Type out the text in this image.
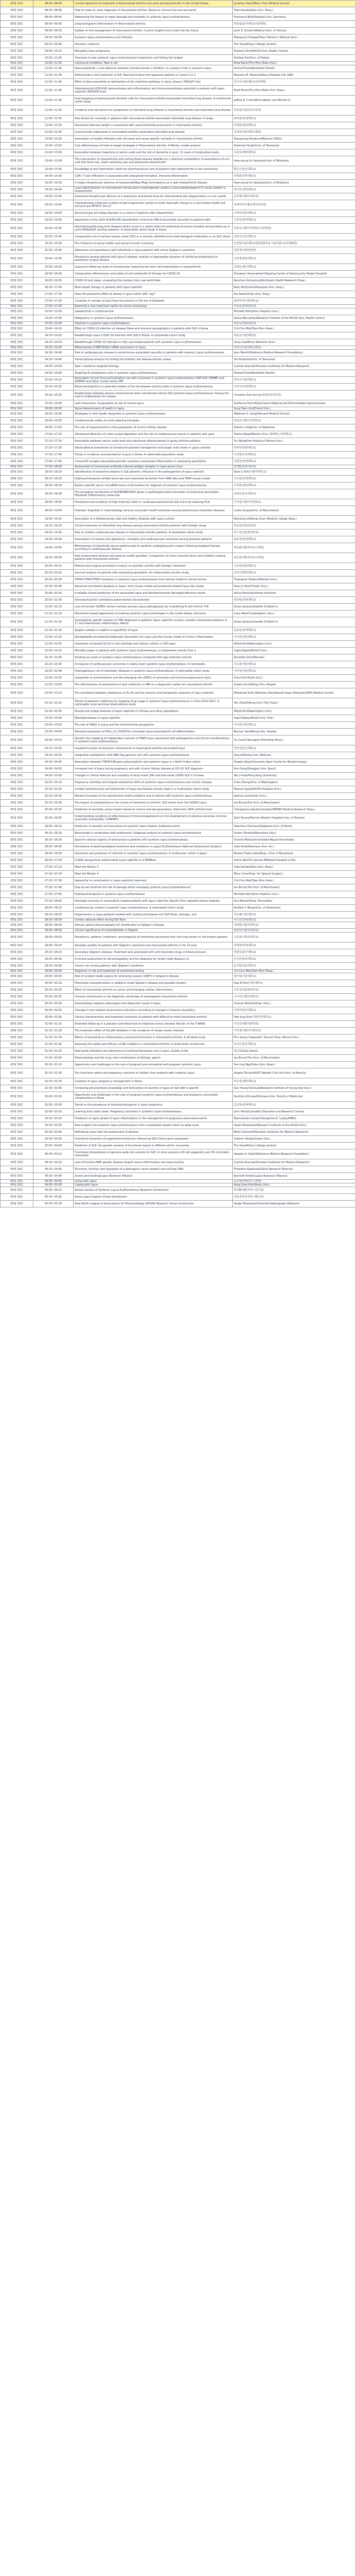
05월 19일	08:00~08:40	Current approach to treatment of Rheumatoid arthritis and axial spondyloarthritis in the United States	Jonathan Kay(UMass Chan Medical School)
05월 19일	08:00~08:40	How to make an early diagnosis of rheumatoid arthritis: Based on clinical trial and real world	Yuko Kaneko(Keio Univ. Hosp.)
05월 19일	08:00~08:40	Addressing the Impact of organ damage and mortality in systemic lupus erythematosus	Francesca Bosi(Hospital Univ. Germany)
05월 19일	09:00~09:50	Long-acting/anti-inflammatory in Rheumatoid arthritis	박효섭(을지대학교의과대학)
05월 19일	09:00~09:50	Update on the management of rheumatoid arthritis: Current insights and a look into the future	Josef S. Smolen(Medical Univ. of Vienna)
05월 19일	09:15~09:45	Systemic lupus erythematosus and infection	Masayoshi Harigai(Tokyo Women's Medical Univ.)
05월 19일	09:15~09:45	Precision medicine	Tim Vyse(King's College London)
05월 19일	09:45~10:15	Managing lupus pregnancy	Evelyne Vinet(McGill Univ. Health Centre)
05월 19일	10:30~11:00	Overview of new systemic lupus erythematosus treatments and hitting the targets	Andrew Ooi(Univ. of Padua)
05월 19일	11:00~11:30	Calcineurin inhibitors: New & old	Brad Rovin(The Ohio State Univ.)
05월 19일	11:00~11:30	Deucravacitinib, a oral selective allosteric tyrosine kinase 2 inhibitor, in a phase 3 trial in systemic lupus	Richard Furie(Northwell Health)
05월 19일	11:30~11:40	Anifrolumab in the treatment of SLE: Real-world data from Japanese patients in Cohort 1 & 2	Manamo M. Martins(Altona Hospital Ltd. UAE)
05월 19일	11:30~11:40	Effect of deucravacitinib on biomarkers of the interferon pathway in lupus: phase 2 PAISLEY trial	민지나(서울대학교의과대학)
05월 19일	11:30~11:40	Zetomipzomib (KZR-616) demonstrates anti-inflammatory and immunomodulatory potential in patients with lupus nephritis (MISSION trial)	Brad Rovin(The Ohio State Univ. Hosp.)
05월 19일	11:30~11:40	Dual targeting of plasmacytoid dendritic cells for rheumatoid arthritis-associated interstitial lung disease: A multicenter cohort study	Jeffrey R. Curtis(Birmingham and Women's)
05월 19일	11:40~11:50	Incidence and risk factors for progression of interstitial lung disease in rheumatoid arthritis and interstitial lung disease	허종연(국립중앙의료원)
05월 19일	11:40~11:50	Risk factors for mortality in patients with rheumatoid arthritis-associated interstitial lung disease: A single	송막권(연세대학교)
05월 19일	11:40~11:50	Shortened telomere length in associated with usual interstitial pneumonia in rheumatoid arthritis	한재훈(대전대학교)
05월 19일	12:00~12:30	Lung function trajectories in rheumatoid arthritis-associated interstitial lung disease	정성원(전남대학교병원)
05월 19일	13:00~13:30	Association of healthy lifestyles with all-cause and cause-specific mortality in rheumatoid arthritis	Tsenaoung Kanakuro(Mexican (HKU))
05월 19일	13:40~13:50	Cost effectiveness of treat-to-target strategies in Rheumatoid arthritis: A Markov model analysis	Ambrosio Singh(Univ. of Tasmania)
05월 19일	13:40~13:50	Association between trajectory of serum urate and the risk of dementia in gout: 11 years of longitudinal study	조중상(계명대학교)
05월 19일	13:40~13:50	The intervention of osteoarthritis and cortical-bone disease disorder by a selective constellation of associations of uric acid with bone loss, lower extremity pain and advanced osteoarthritis	Hwa-seong Im Sampaio(Univ. of Brisbane)
05월 19일	13:40~13:50	Knowledge of and information needs for pharmaceutical care of patients with osteoarthritis in the community	황은수(울산대학교)
05월 19일	14:00~14:30	CD8+ T-cell infiltration is associated with osteophyte formation, immune-inflammation	박세준(인하대학교)
05월 19일	14:00~14:30	A single intraarticular injection of tanezumab/Mag (Mag) formulations as a safe osteoarthritis disease	Hwa-seong Im Sampaio(Univ. of Brisbane)
05월 19일	14:30~14:40	Local administration of recombinant human bone morphogenetic protein-2 and osteoprotegerin-Fc fusion protein in osteoarthritis	박기준(경희대학교)
05월 19일	14:30~14:40	Sustained intraarticular delivery of a hyaluronic acid-based drug for intervertebral disc degeneration in a rat caudal	윤정재(가톨릭대학교)
05월 19일	14:30~14:40	Characterizing molecular clusters of gene expression vectors in knee rheumatic tissues in a vaccination-model and immune and MTHIYY 34+1Y	정세미카(가톨릭대학교부천)
05월 19일	14:40~14:50	Structural gut and sleep disorders in a cohort of patients with osteoarthritis	이마카(전남대학교)
05월 19일	14:50~15:00	Application of the 2022 ACR/EULAR classification criteria for ANCA-associated vasculitis to patients with	이문석(연세대학교)
05월 19일	15:00~15:30	Dermatomyositis-lung liver disease mimics score is a useful index for predicting all-cause mortality during follow-up in cyclo-MDA/ISLRF positive patients: A nationwide cohort study in Korea	박종유(이화여자대학교서울병원)
05월 19일	15:30~15:40	Comparative risk of serious herpes zoster (HZ) in a recently identified and novel biological medication in an SLE cohort	김민주(건국대학교)
05월 19일	15:30~15:40	The influence of sexual health and sexual function inventory	인진한(서울대학교병원통합강좌 서울특별시보라매병원)
05월 19일	15:30~15:40	Adherence and persistence with tofacitinib in lupus patients with active Sjögren's syndrome	김민재(국립암센터)
05월 19일	15:40~15:50	Prevalence among patients with gout & disease: analysis of appropriate duration of colchicine prophylaxis for prevention of gout attacks	신민재(충남대학교)
05월 19일	15:50~16:00	Long-term follow-up study of intraarticular mesenchymal stem cell implantation in osteoarthritis	김세은(제주대학교)
05월 19일	16:00~16:30	Comparative effectiveness and safety of anti-interleukin-6 therapy for COVID-19	Fatuwanu Hasanwhom(Sleeping Center of Assimuunity Shaba Hospital)
05월 19일	16:00~16:30	COVID-19 and sleep: unraveling the mystery from real world data	Ranchan Amiraohng(Northwick Health Research Hosp.)
05월 19일	16:30~17:00	Multi-target therapy in patients with lupus nephritis	Keiju Nishimoto(Okayama Univ. Hosp.)
05월 19일	17:00~17:30	Does the protective effect of obesity in gout cohort with 'lag'?	Kai Ikeda(Chiba Univ. Hosp.)
05월 19일	17:00~17:30	Covariety in number of gout flare recurrences in the era of Dalbotein	최양미카(서울대학교)
05월 19일	17:00~17:30	Exploring a new treatment option for active ankylosing	이상숙(연세대학교)
05월 19일	13:00~13:30	Upadacitinib in cardiovascular	Michelle Petri(Johns Hopkins Univ.)
05월 19일	13:30~13:40	Malignancy in systemic lupus erythematosus	Sasha Bernatsky(Research Institute of the McGill Univ. Health Centre)
05월 19일	13:30~13:40	Infection in systemic lupus erythematosus	엄정숙(경희대학교)
05월 19일	13:40~14:10	Effect of COVID-19 infection on disease flares and immune dysregulation in patients with SLE in Korea	Chi-Chiu Mok(Tuen Mun Hosp.)
05월 19일	14:10~14:20	Breakthrough lupus COVID-19 infection with SLE in Korea: A nationwide cohort study	곽동순(서울대학교)
05월 19일	14:10~14:20	Breakthrough COVID-19 infection in fully vaccinated patients with systemic lupus erythematosus	Ishuy Urai(Bonn Kolinerks Univ.)
05월 19일	14:20~14:30	Effectiveness of BNT162b2 mRNA vaccination in lupus	조민아(서울대학교병원)
05월 19일	14:30~14:40	Risk of cardiovascular disease in autoimmune associated vasculitis in patients with systemic lupus erythematosus	Joan Merrill(Oklahoma Medical Research Foundation)
05월 19일	14:30~14:40	Transcriptome analysis for finding the problem low disease-activity states	Vid Ambrose(Univ. of Tasmania)
05월 19일	14:40~14:50	Type I interferon targeted therapy	Cynthia Aranow(Feinstein Institutes for Medical Research)
05월 19일	14:50~15:00	Targeting B cells/plasma cells in systemic lupus erythematosus	Richard Furie(Northwell Health)
05월 19일	15:00~15:10	Association of oral immunomodulatory use with outcomes in systemic lupus erythematosus (AAT-SLE; SIMMR) and 4SIRRAT and Other Cohort ethnic IMP	양진수(서울대학교)
05월 19일	15:10~15:20	Blood eosinophilia is a potential marker of the low disease activity state in systemic lupus erythematosus	석의수(인제대학교)
05월 19일	15:20~15:30	Relationships between plasma mesenchymal stem cell-derived clinical SLE systemic lupus erythematosus: Paving the road to implantation for relapse	Christine Suh-hun Jin(국립중앙의료원)
05월 19일	15:30~16:00	Latin Americans: A population at risk of severe lupus	Guillermo Pons-Estel(Centro Regional de Enfermedades Autoinmunes)
05월 19일	16:00~16:30	Social determinants of health in lupus	Sung Yeon Lim(Emory Univ.)
05월 19일	16:30~16:40	Strategies to limit health disparities in systemic lupus erythematosus	Matthew H. Liang(Harvard Medical School)
05월 19일	16:40~16:50	Cardiovascular safety of urate lowering therapies	박성규(이화여자대학교)
05월 19일	16:50~17:00	The role of hyperuricemia in the progression of chronic kidney disease	Daniel L Feig(Univ. of Alabama)
05월 19일	17:00~17:10	Ultrasound detection of urate crystal deposition and the risk of cardiovascular events in patients with gout	Tuhina Neogi(Boston Univ.) 최혜정(고려대학교)
05월 19일	17:10~17:20	Association between serum urate level and subclinical atherosclerosis in gouty arthritis patients	Yiu Wang(Hao Hsiang of Peking Univ.)
05월 19일	17:20~17:30	Observational assessment of ultrasound-assisted management and target urate levels in gouty arthritis	박세지(한양대학교)
05월 19일	17:30~17:40	Trends in incidence and prevalence of gout in Korea: A nationwide population study	이준형(부산대학교)
05월 19일	17:40~17:50	Chronic/Fe receptor-associated periodic syndrome associated inflammation in ankylosing spondylitis	김방준(연세대학교)
05월 19일	17:50~18:00	Assessment of monoclonal antibody-induced antigen-receptor in lupus-prone mice	김재환(전남대학교)
05월 19일	18:00~18:10	Identification of exosomal proteins in SLE patients: Influence in the pathogenesis of lupus nephritis	Shan Li Kim(이화여대학교)
05월 19일	18:10~18:20	Hydroxychloroquine inhibits bone loss and osteoclast formation from RAW data and TRAP-mouse model	이도원(연세대학교)
05월 19일	18:20~18:30	Epsilon-specific serum microRNA levels of biomarkers for diagnosis of systemic lupus erythematosus	우정현(경희대학교)
05월 19일	18:30~18:40	The emerging contribution of SLPI/NI/MER/NOS genes in pathological bone formation of ankylosing spondylitis: Fibroblast Inflammatory molecules	최재호(울산대학교)
05월 19일	18:40~18:50	Prevalence and incidence of high-intensity statin in cardiovascular/sclerosis SLE micro by reducing FCN	이지원(이화여자대학교)
05월 19일	18:50~19:00	Dramatic inequities in rheumatology services and public health outcomes among autoimmune rheumatic diseases	Lavita Guaya(Univ. of Manchester)
05월 19일	19:00~19:10	Association of a Mediterranean diet and healthy lifestyles with lupus activity	Manning Li(Peking Union Medical College Hosp.)
05월 19일	19:10~19:20	Clinical outcomes of interstitial lung disease among rheumatoid arthritis patients with biologic drugs	한승민(국립의료원)
05월 19일	19:20~19:30	Risk of incident cardiovascular disease in rheumatoid arthritis patients: A nationwide cohort study	하수진(성균관대학교)
05월 19일	19:30~19:40	Associations of anxiety and depression, mortality and cardiovascular outcomes among psoriasis patients	최윤경(연세대학교)
05월 19일	19:40~19:50	Effectiveness of tofacitinib versus adalimumab for patients undergoing joint surgery following targeted therapy according to cardiovascular disease	곽동화(대한류마티스학회)
05월 19일	19:50~20:00	Risk of pancreatic disease and anterior uveitis gravities: Comparison of tumor necrosis factor and inhibitors among patients with rheumatoid arthritis	최은빈(대한류마티스학회)
05월 19일	20:00~20:10	Medical and surgical procedure's impact on psoriatic arthritis with biologic treatment	고은영(한림대학교)
05월 19일	20:10~20:20	Survival analysis of patients with ankylosing spondylitis: An inflammatory burden study	김하나(한양대학교)
05월 19일	20:20~20:30	GTPA/CTHRCP/TERT mutations in systemic lupus erythematosus from animal model to clinical human	Thanapom Podlom(Mahidol Univ.)
05월 19일	20:30~20:40	Abnormal microbiota dysbiosis in lupus: from mouse model and proteome-related lupus like model	Kwon Ji Yeon(Tianjin Univ.)
05월 19일	20:40~20:50	A reliable clinical prediction of the associated lupus and dermatomyositis deranged effective results	Alicia Hilary(Kainitreas Institute)
05월 19일	20:50~21:00	Dermatomyositis: Limitations-parenchymal characteristic	정상현(연세대학교)
05월 19일	21:00~21:10	Loss of function SUMO1 variant controls primary lupus pathogenesis by modulating B cell-intrinsic TLR	Shaun Jackson(Seattle Children's)
05월 19일	21:10~21:20	Mechanism-based approaches to treating systemic lupus phenotypes in the innate kidney outcomes	Icara Abe(Chulalongkorn Univ.)
05월 19일	21:20~21:30	Investigating specific subsets of CMR dispersed in pediatric lupus nephritis uncover complex interactions between IL-17 and downstream inflammatory effects	Shaun Jackson(Seattle Children's)
05월 19일	21:30~21:40	Sjögren subsets in relation to specificity of lupus	김중선(연세대학교)
05월 19일	21:40~21:50	Sphingolipids are potential diagnostic biomarkers for lupus and the human model of chronic inflammation	이이민(일본대학교)
05월 19일	21:50~22:00	Interleukin enhanced SLC10 in the activities and cellular cohorts in SLE lupus	Alfred Kim(Washington Univ.)
05월 19일	22:00~22:10	Mortality paper in patients with systemic lupus erythematosus: a comparative results from a	Ingrid Repse(McGill Univ.)
05월 19일	22:10~22:20	Smoking as onset of systemic lupus erythematosus compared with age-matched controls	Annelaes Ome(Female)
05월 19일	22:20~22:30	A measure of cardiovascular outcomes in newly-onset systemic lupus erythematosus: A nationwide	이도현(서울대학교)
05월 19일	22:30~22:40	Heterogeneous risk of rheumatic diseases in systemic lupus erythematosus: A nationwide cohort study	이미정(서울대학교)
05월 19일	22:40~22:50	Lipoprotein A concentrations and the emerging risk (ORPS) of astrocytes and immunosuppressant injury	Yuhui Kim(Fujita Univ.)
05월 19일	22:50~23:00	The effectiveness of assessment of dual metformin in MRI as a diagnostic marker for rheumatoid arthritis	Xiaolin Sun(Peking Univ. People)
05월 19일	23:00~23:10	The correlation between imbalances of SL-44 and the severity and therapeutic response of lupus nephritis	Mohamad Shah Mahmam Akin(Kuwaiti Iapan Malaysia(UKM) Medical Centre)
05월 19일	23:10~23:20	Trends of Japanese medicines by mapping drug usage in systemic lupus erythematosus in China 2010-2017: A nationwide cross-sectional observational study	Yan Zhao(Peking Univ. First Hosp.)
05월 19일	23:20~23:30	Shared and unique features of lupus nephritis in Chinese and other populations	Alfred Kim(Washington Univ.)
05월 19일	23:30~23:40	Myeloperoxidase in lupus nephritis	Ingrid Repse(McGill Univ. Prof.)
05월 19일	23:40~23:50	The role of PINK1 in lupus and the mitochondrial perspective	이다연(서울대학교)
05월 19일	23:50~24:00	Elevated expression of PDxc_ml_CD33F19+ Increases lupus-associated B cell differentiation	Bannan Yan(Peking Univ. People)
05월 19일	24:00~24:10	Genetic fine mapping of independent variants of HHK8 lupus associated with pathogenesis and clinical manifestations in systemic lupus erythematosus	Xu Xue(Chiba Japan Friendship Hosp.)
05월 19일	24:10~24:20	Impaired function of endocytic mechanisms of rheumatoid arthritis-associated lupus	양성경(울산대학교)
05월 19일	24:20~24:30	Integrated metabolomic with RNA-Seq genomic loci with systemic lupus erythematosus	Ang-Li(Peking Univ. Medical)
05월 19일	24:30~24:40	Association between TNFSF13B gene polymorphism and systemic lupus in a North Indian cohort	Shapla Vatsa(University Ajant Centre for Biotechnology)
05월 19일	24:40~24:50	Increased risk of lupus during pregnancy and with chronic kidney disease at ICD-10 SLE diagnosis	Kim Dong(Dongguk Univ. Seoul)
05월 19일	24:50~25:00	Changes in clinical features and mortality of early-onset (OR) and late-onset (OOM) SLE in Chinese	Tan Ji-Hua(Hong Kong University)
05월 19일	25:00~25:10	Pregnancy mortality and hospital admissions (HIV) of systemic lupus erythematosus and chronic disease	Chen Zhang(Univ. of Washington)
05월 19일	25:10~25:20	Incident autoimmunity and attainment of lupus low disease activity state in a multicenter cohort study	Manuel Ugarte(HCRU Hospital Univ.)
05월 19일	25:20~25:30	Marked increases to the reproductive health problems and of women with systemic lupus erythematosus	Jianhua Guo(Fudan Univ.)
05월 19일	25:30~25:40	The impact of osteoporosis on the course of treatment of arthritis: SLE results from the SLEDAI lupus	Ian Bruce(The Univ. of Manchester)
05월 19일	25:40~25:50	Prediction of mortality using clusters based on clinical and lab parameters: Data from LEOS arthritis from	Chengjiaoca Kasalicchandani(MPNNS Medical Research Hosp.)
05월 19일	25:50~26:00	Understanding variations of effectiveness of immunosuppression on the development of adverse outcomes (cortical ulcerative comorbidity: COMIREP)	Zahi Touma(Toronto Western Hospital Univ. of Toronto)
05월 19일	26:00~26:10	Predictors of severity and recurrence of systemic lupus-related childhood events	Valentina Vlachouni(Sapienza Univ. of Rome)
05월 19일	26:10~26:20	Belimumab in combination with prednisone: Subgroup analysis of systemic lupus erythematosus	Vicenc Torrente(Barcelona Univ.)
05월 19일	26:20~26:30	Spanish national registry of belimumab in patients with systemic lupus erythematosus	Vicente Matas(Universidad Miguel Hernández)
05월 19일	26:30~26:40	Persistence of pharmacological treatment and resistance in Lupus Erythematosus National Assessment Systems	Yuko Onda(Pazmany Univ. Inc.)
05월 19일	26:40~26:50	Outcomes and predictors of infection in systemic lupus erythematosus: A multicenter cohort in Japan	Beatriz Frade Lowe(Hosp. Clinic of Barcelona)
05월 19일	26:50~27:00	D-SLW nanoparticle antimicrobial lupus nephritis in 2-MOMpse	Yumin Bai(The Second Affiliated Hospital of Ha)
05월 19일	27:00~27:10	Meet the Master 3	Yuko Kaneko(Keio Univ. Hosp.)
05월 19일	27:10~27:20	Meet the Master 4	Mary Crow(Hosp. for Special Surgery)
05월 19일	27:20~27:30	Sequential vs combination in lupus nephritis treatment	Chi-Chiu Mok(Tuen Mun Hosp.)
05월 19일	27:30~27:40	How do we minimize the risk of damage when managing systemic lupus erythematosus?	Ian Bruce(The Univ. of Manchester)
05월 19일	27:40~27:50	Hydroxychloroquine in systemic lupus erythematosus	Michelle Petri(Johns Hopkins Univ.)
05월 19일	27:50~28:00	Histologic recovery in successfully treated patients with lupus nephritis: Results from repeated kidney biopsies	Ana Malvar(Hosp. Fernandez)
05월 19일	28:00~28:10	Cardiovascular events in systemic lupus erythematosus: A nationwide cohort study	Andrew Y. Wang(Univ. of Oklahoma)
05월 19일	28:10~28:20	Hypertension in lupus patients treated with hydroxychloroquine and SLE flares, damage, and	하은혜(서울대학교)
05월 19일	28:20~28:30	Cardiac adverse effect during SLE flare	이수진(연세대학교)
05월 19일	28:30~28:40	Salivary gland ultrasonography for stratification of Sjögren's disease	정세영(가톨릭대학교)
05월 19일	28:40~28:50	Clinical significance of autoantibodies in Sjögren	한동익(가톨릭대학교)
05월 19일	28:50~29:00	Prevalence, patterns, treatment, and prognosis of interstitial pneumonia with and lung lesions in the Korean patients	고운흥(가톨릭대학교)
05월 19일	29:00~29:10	Serologic profiles of patients with Sjögren's syndrome and rheumatoid arthritis in the 23 area	김영현(연세대학교)
05월 19일	29:10~29:20	Secondary Sjögren's disease: Treatment and associated with anti-rheumatic drugs or blood pressure	정영석(울산대학교)
05월 19일	29:20~29:30	A clinical assessment of ultrasonography and the diagnosis for lymph node disease's in	안수민(충남대학교)
05월 19일	29:30~29:40	Cancer risk among patients with Sjögren's syndrome	윤지현(전남대학교)
05월 19일	29:40~29:50	Trajectory in risk and treatment of lymphoma among	Chi-Chiu Mok(Tuen Mun Hosp.)
05월 19일	29:50~30:00	Risk of incident stable angina for sclerosing vessels (SSMT) in Sjögren's disease	권미정(서울대학교)
05월 19일	30:00~30:10	Phenotype characterization in pediatric-onset Sjögren's disease and possible clusters	Hae Ri Kim(서울대학교)
05월 19일	30:10~30:20	Effect of rheumatoid arthritis on tumor and emerging cardiac interventions	조은경(성균관대학교)
05월 19일	30:20~30:30	Immune mechanisms in the diagnostic landscape of seronegative rheumatoid arthritis	이수린(가톨릭대학교)
05월 19일	30:30~30:40	Autoantibody-negative phenotypes and diagnostic issues in lupus	Vicente Montes(Hosp. Univ.)
05월 19일	30:40~30:50	Changes in the medical environment and ethics according to changes in forensic psychiatry	이세지(울산대학교)
05월 19일	30:50~31:00	Clinical characteristics and treatment outcomes of patients with difficult-to-treat rheumatoid arthritis	Hee Jung Kim(이화여자대학교)
05월 19일	31:00~31:10	Extended follow-up in a placebo-controlled treat-to-response versus placebo: Results of the Ti-BRAS	이은진(대한내과학회)
05월 19일	31:10~31:20	The treatment effect of the JAK inhibitors in the incidence of herpes zoster infection	이미경(이화여자대학교)
05월 19일	31:20~31:30	Effects of baricitinib on inflammatory and physical function in rheumatoid arthritis: A 24-week study	Priv Sonya Cabeza(St. Vincent Hosp. Murcia Univ.)
05월 19일	31:30~31:40	Exploring the safety and efficacy of JAK inhibitors in rheumatoid arthritis: A multicenter clinical trial	송지은(울산대학교)
05월 19일	31:40~31:50	Real-world utilization and adherence to hydroxychloroquine use in lupus, Quality of life	엄숙희(Sully Korea)
05월 19일	31:50~32:00	Rheumatology and the lung: new combinations of biologic agents	Ian Bruce(The Univ. of Manchester)
05월 19일	32:00~32:10	Opportunity and challenges in the care of pregnant pre-conceptual and pregnant systemic lupus	Yee Ling Ngo(Duke Univ. Hosp.)
05월 19일	32:10~32:20	The long-term safety and pregnancy outcome of children from patients with systemic lupus	Angela Tincani(ASST Spedali Civili and Univ. of Brescia)
05월 19일	32:20~32:30	Contents of lupus pregnancy management in Korea	곽은정(계명대학교)
05월 19일	32:30~32:40	Increasing pre-eclampsia knowledge and biomarkers of severity of lupus on SLE with a specific	Goo Young Park(Lee/Research Institute of Chung Ang Univ.)
05월 19일	32:40~32:50	Opportunity and challenges in the care of pregnant systemic lupus erythematosus and pregnancy-associated complications in Korea	Kunihiro Ichinose(Shimane Univ. Faculty of Medicine)
05월 19일	32:50~33:00	Trends in the prevalence of hydroxychloroquine in lupus pregnancy	김진한(연세대학교)
05월 19일	33:00~33:10	Learning from adult cases: Pregnancy outcomes in systemic lupus erythematosus	John Hanly(Canadian Education and Research Centre)
05월 19일	33:10~33:20	Predictors of rapid uptake of lupus inflammation in the management of pregnancy-associated events	Marie-Josée Lambert(Seraphine E. Lusky(AMRI))
05월 19일	33:20~33:30	New insights into systemic lupus erythematosus from a population-based cohort as large-scale	Sanjiv Baxstoone(Research Institute of the McGill Univ.)
05월 19일	33:30~33:40	Rethinking lupus with the assessment of disease	Betty Diamond(Feinstein Institutes for Medical Research)
05월 19일	33:40~33:50	Functional dissection of augmented enhancers influencing SLE clinical gene expression	Yukinori Okada(Osaka Univ.)
05월 19일	33:50~34:00	Prediction of SLE risk genetic variants of functional impact in different ethnic ancestries	Tim Vyse(King's College London)
05월 19일	34:00~34:10	Functional interpretation of genome-wide risk variants for SLE: In silico analysis of B cell epigenetic and 3D chromatin-interaction	Swapan K. Nath(Oklahoma Medical Research Foundation)
05월 19일	34:10~34:20	Loss-of-function BMP genetic disease targets neuro-inflammation and lupus activity	Cynthia Aranow(Feinstein Institutes for Medical Research)
05월 19일	34:20~34:30	Structure, function and regulation of a pathogenic neuro-skeletal and cell-free DNA	Theodore Kaewsook(Gene Research Alliance)
05월 19일	34:30~34:40	Scores and funding/Lupus Research Alliance	Kenneth Farber(Lupus Research Alliance)
05월 19일	34:40~34:50	Living with lupus	유은영(세계루푸스연맹)
05월 19일	34:50~35:00	Coping with lupus	Kang Sook Kim(Korea Univ.)
05월 19일	35:00~35:10	Korean Society of Systemic Lupus Erythematosus Research Introduction	박성환(대한루푸스연구회)
05월 19일	35:10~35:20	Korea Lupus Support Group introduction	김희경(한국루푸스환우회)
05월 19일	35:20~35:30	Asia Pacific League of Associations for Rheumatology (APLAR) Research Group introduction	Sergei Tarasenko(Universiti Kebangsaan Malaysia)
